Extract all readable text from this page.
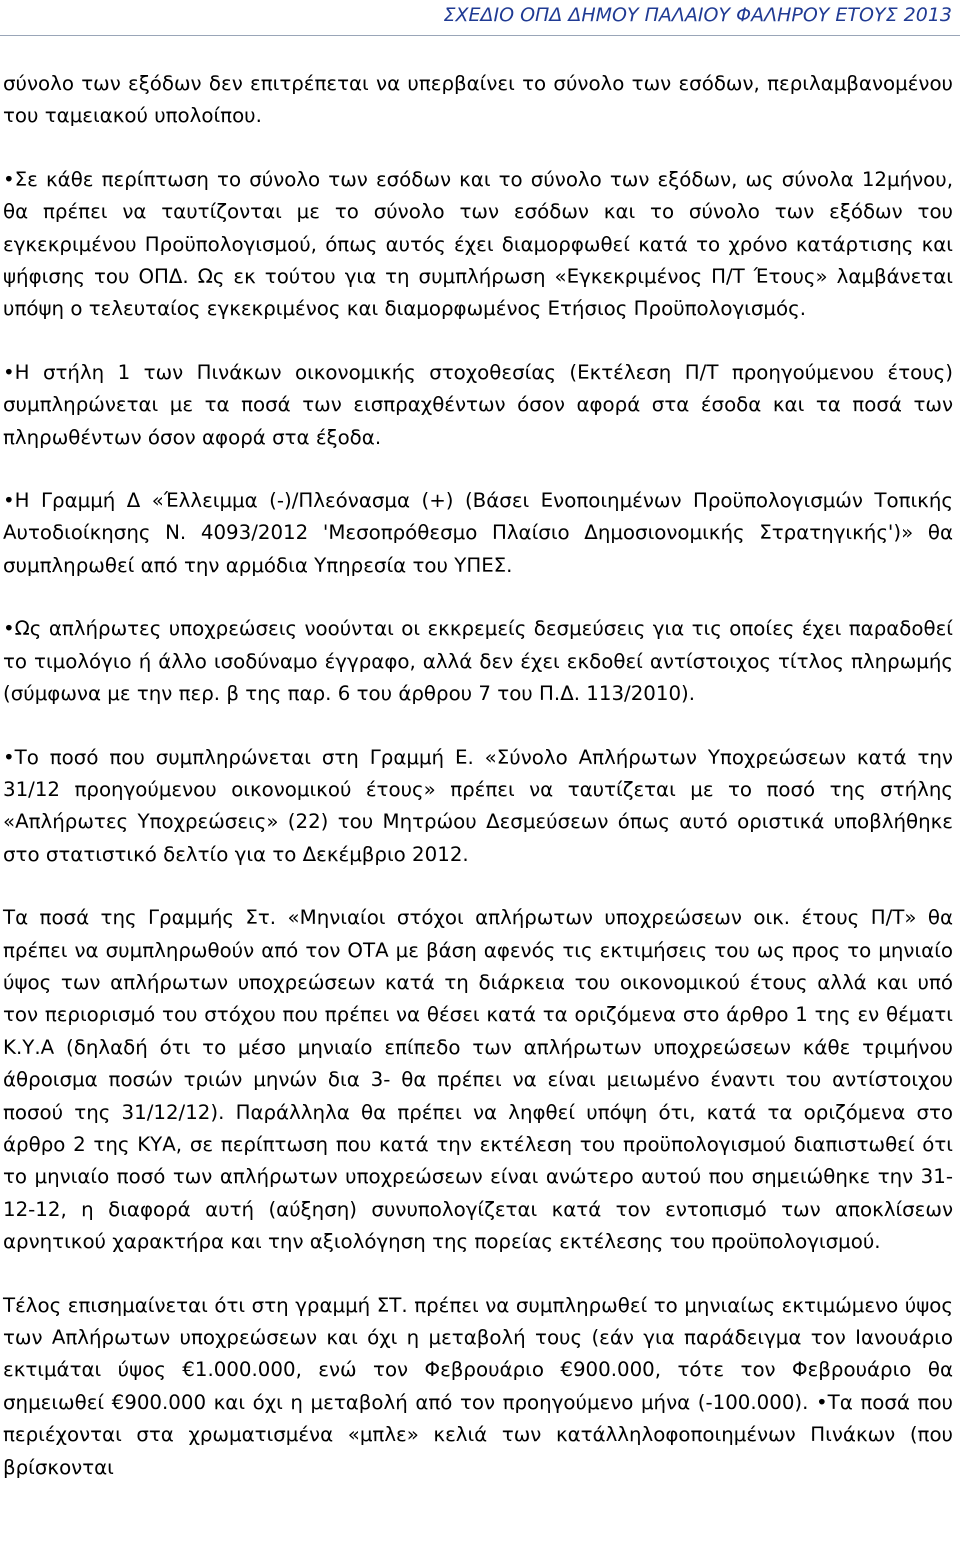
ΣΧΕΔΙΟ ΟΠΔ ΔΗΜΟΥ ΠΑΛΑΙΟΥ ΦΑΛΗΡΟΥ ΕΤΟΥΣ 2013

σύνολο των εξόδων δεν επιτρέπεται να υπερβαίνει το σύνολο των εσόδων, περιλαμβανομένου του ταμειακού υπολοίπου.

•Σε κάθε περίπτωση το σύνολο των εσόδων και το σύνολο των εξόδων, ως σύνολα 12μήνου, θα πρέπει να ταυτίζονται με το σύνολο των εσόδων και το σύνολο των εξόδων του εγκεκριμένου Προϋπολογισμού, όπως αυτός έχει διαμορφωθεί κατά το χρόνο κατάρτισης και ψήφισης του ΟΠΔ. Ως εκ τούτου για τη συμπλήρωση «Εγκεκριμένος Π/Τ Έτους» λαμβάνεται υπόψη ο τελευταίος εγκεκριμένος και διαμορφωμένος Ετήσιος Προϋπολογισμός.

•Η στήλη 1 των Πινάκων οικονομικής στοχοθεσίας (Εκτέλεση Π/Τ προηγούμενου έτους) συμπληρώνεται με τα ποσά των εισπραχθέντων όσον αφορά στα έσοδα και τα ποσά των πληρωθέντων όσον αφορά στα έξοδα.

•Η Γραμμή Δ «Έλλειμμα (-)/Πλεόνασμα (+) (Βάσει Ενοποιημένων Προϋπολογισμών Τοπικής Αυτοδιοίκησης Ν. 4093/2012 'Μεσοπρόθεσμο Πλαίσιο Δημοσιονομικής Στρατηγικής')» θα συμπληρωθεί από την αρμόδια Υπηρεσία του ΥΠΕΣ.

•Ως απλήρωτες υποχρεώσεις νοούνται οι εκκρεμείς δεσμεύσεις για τις οποίες έχει παραδοθεί το τιμολόγιο ή άλλο ισοδύναμο έγγραφο, αλλά δεν έχει εκδοθεί αντίστοιχος τίτλος πληρωμής (σύμφωνα με την περ. β της παρ. 6 του άρθρου 7 του Π.Δ. 113/2010).

•Το ποσό που συμπληρώνεται στη Γραμμή Ε. «Σύνολο Απλήρωτων Υποχρεώσεων κατά την 31/12 προηγούμενου οικονομικού έτους» πρέπει να ταυτίζεται με το ποσό της στήλης «Απλήρωτες Υποχρεώσεις» (22) του Μητρώου Δεσμεύσεων όπως αυτό οριστικά υποβλήθηκε στο στατιστικό δελτίο για το Δεκέμβριο 2012.

Τα ποσά της Γραμμής Στ. «Μηνιαίοι στόχοι απλήρωτων υποχρεώσεων οικ. έτους Π/Τ» θα πρέπει να συμπληρωθούν από τον ΟΤΑ με βάση αφενός τις εκτιμήσεις του ως προς το μηνιαίο ύψος των απλήρωτων υποχρεώσεων κατά τη διάρκεια του οικονομικού έτους αλλά και υπό τον περιορισμό του στόχου που πρέπει να θέσει κατά τα οριζόμενα στο άρθρο 1 της εν θέματι Κ.Υ.Α (δηλαδή ότι το μέσο μηνιαίο επίπεδο των απλήρωτων υποχρεώσεων κάθε τριμήνου άθροισμα ποσών τριών μηνών δια 3- θα πρέπει να είναι μειωμένο έναντι του αντίστοιχου ποσού της 31/12/12). Παράλληλα θα πρέπει να ληφθεί υπόψη ότι, κατά τα οριζόμενα στο άρθρο 2 της ΚΥΑ, σε περίπτωση που κατά την εκτέλεση του προϋπολογισμού διαπιστωθεί ότι το μηνιαίο ποσό των απλήρωτων υποχρεώσεων είναι ανώτερο αυτού που σημειώθηκε την 31-12-12, η διαφορά αυτή (αύξηση) συνυπολογίζεται κατά τον εντοπισμό των αποκλίσεων αρνητικού χαρακτήρα και την αξιολόγηση της πορείας εκτέλεσης του προϋπολογισμού.

Τέλος επισημαίνεται ότι στη γραμμή ΣΤ. πρέπει να συμπληρωθεί το μηνιαίως εκτιμώμενο ύψος των Απλήρωτων υποχρεώσεων και όχι η μεταβολή τους (εάν για παράδειγμα τον Ιανουάριο εκτιμάται ύψος €1.000.000, ενώ τον Φεβρουάριο €900.000, τότε τον Φεβρουάριο θα σημειωθεί €900.000 και όχι η μεταβολή από τον προηγούμενο μήνα (-100.000). •Τα ποσά που περιέχονται στα χρωματισμένα «μπλε» κελιά των κατάλληλοφοποιημένων Πινάκων (που βρίσκονται
